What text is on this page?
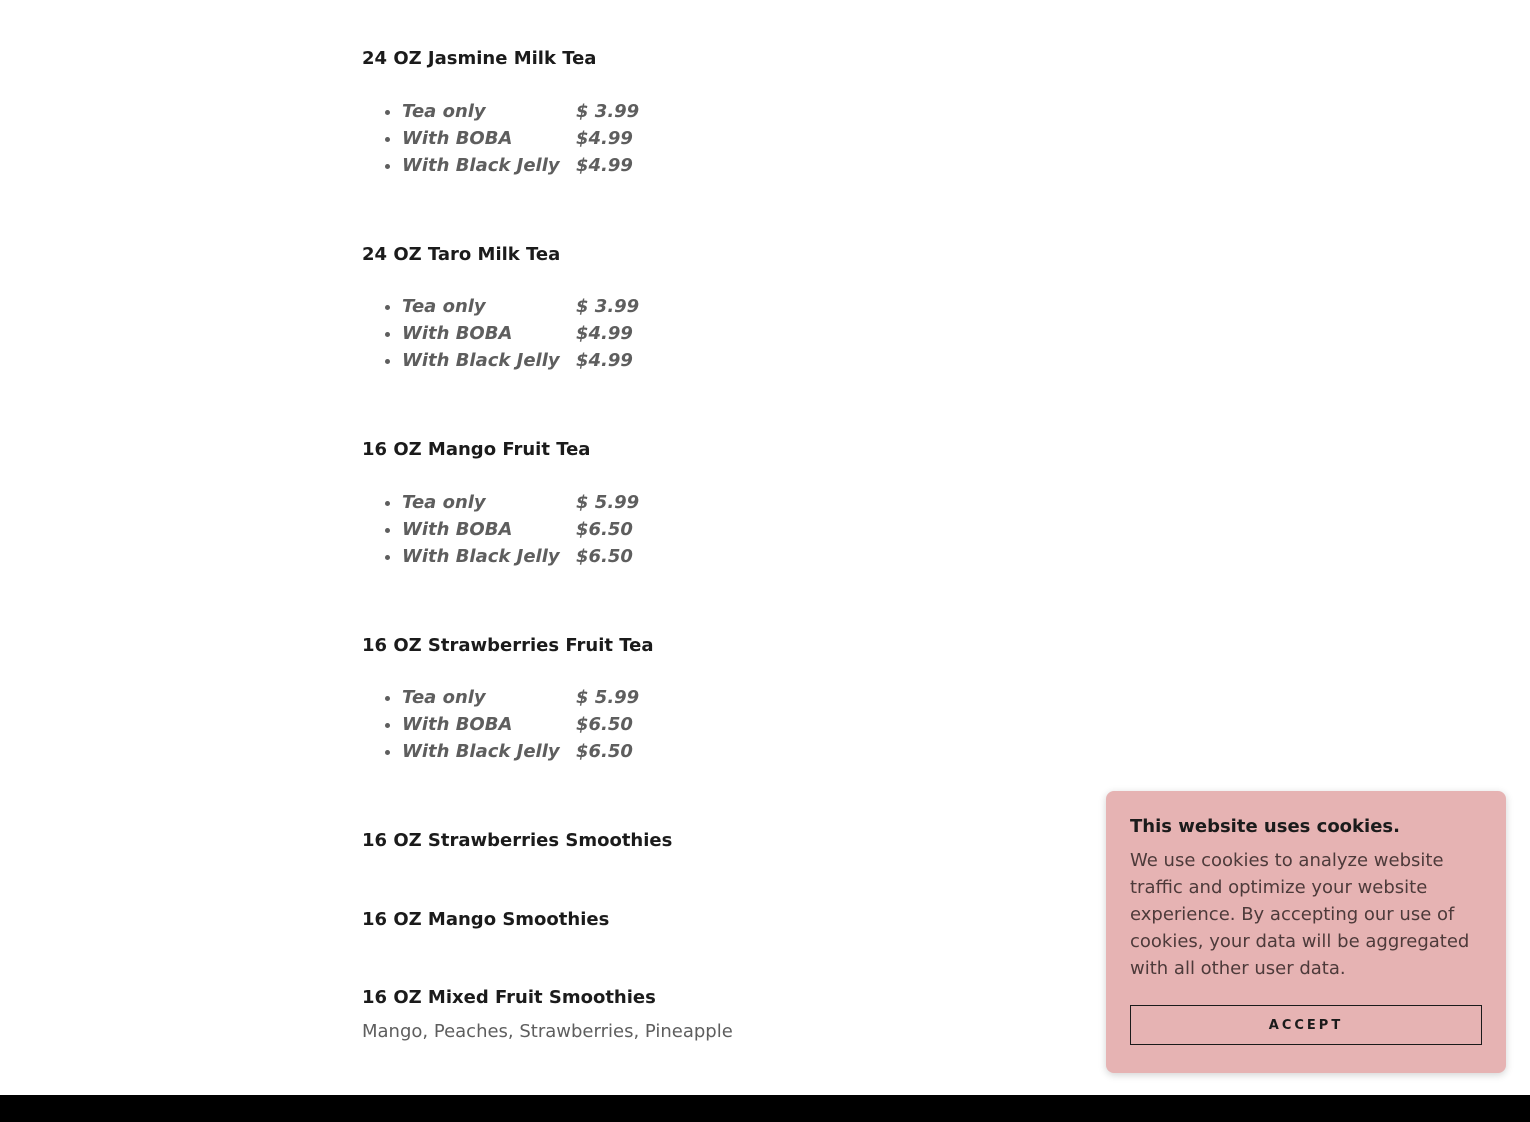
24 OZ Jasmine Milk Tea
• Tea only	$ 3.99
• With BOBA	$4.99
• With Black Jelly $4.99
24 OZ Taro Milk Tea
• Tea only	$ 3.99
• With BOBA	$4.99
• With Black Jelly $4.99
16 OZ Mango Fruit Tea
• Tea only	$ 5.99
• With BOBA	$6.50
• With Black Jelly $6.50
16 OZ Strawberries Fruit Tea
• Tea only	$ 5.99
• With BOBA	$6.50
• With Black Jelly $6.50
16 OZ Strawberries Smoothies
16 OZ Mango Smoothies
16 OZ Mixed Fruit Smoothies

Mango, Peaches, Strawberries, Pineapple

This website uses cookies.

We use cookies to analyze website traffic and optimize your website experience. By accepting our use of cookies, your data will be aggregated with all other user data.

ACCEPT
